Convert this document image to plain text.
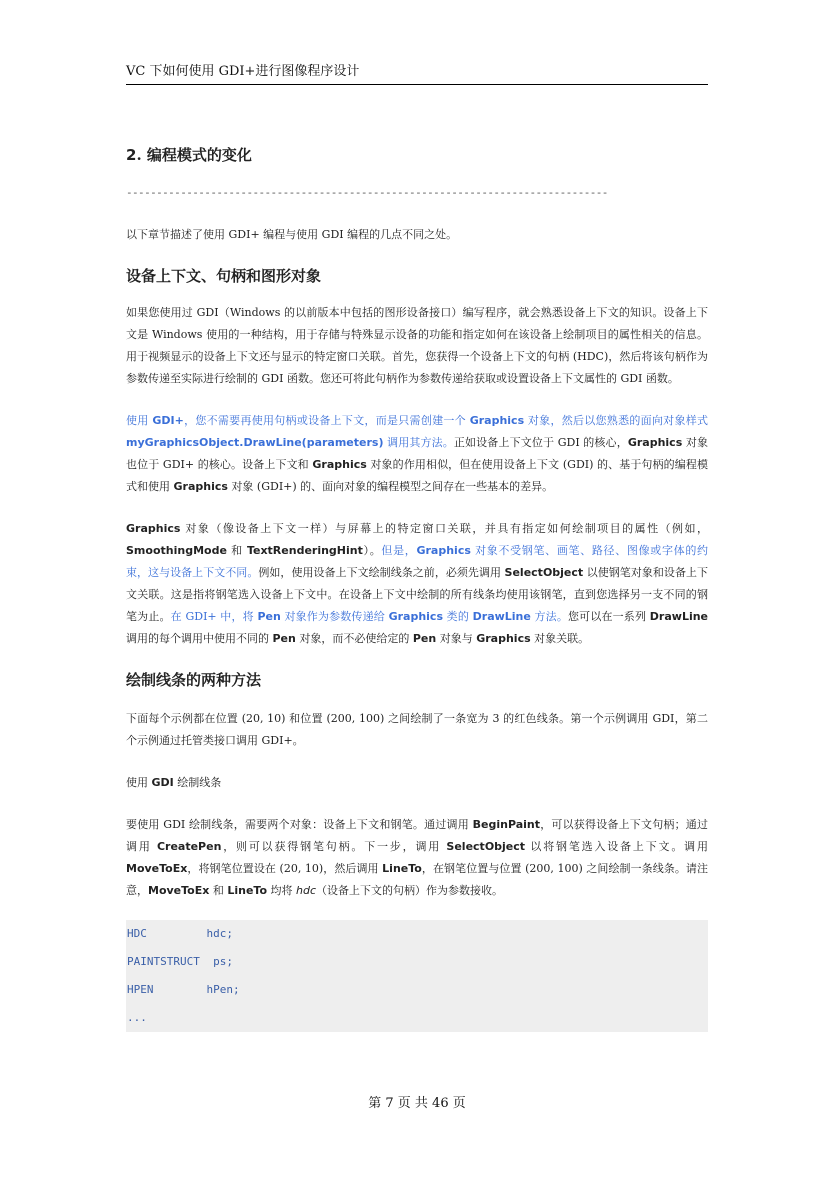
VC 下如何使用 GDI+进行图像程序设计
2. 编程模式的变化
--------------------------------------------------------------------------------

以下章节描述了使用 GDI+ 编程与使用 GDI 编程的几点不同之处。

设备上下文、句柄和图形对象

如果您使用过 GDI（Windows 的以前版本中包括的图形设备接口）编写程序，就会熟悉设备上下文的知识。设备上下文是 Windows 使用的一种结构，用于存储与特殊显示设备的功能和指定如何在该设备上绘制项目的属性相关的信息。用于视频显示的设备上下文还与显示的特定窗口关联。首先，您获得一个设备上下文的句柄 (HDC)，然后将该句柄作为参数传递至实际进行绘制的 GDI 函数。您还可将此句柄作为参数传递给获取或设置设备上下文属性的 GDI 函数。

使用 GDI+，您不需要再使用句柄或设备上下文，而是只需创建一个 Graphics 对象，然后以您熟悉的面向对象样式 myGraphicsObject.DrawLine(parameters) 调用其方法。正如设备上下文位于 GDI 的核心，Graphics 对象也位于 GDI+ 的核心。设备上下文和 Graphics 对象的作用相似，但在使用设备上下文 (GDI) 的、基于句柄的编程模式和使用 Graphics 对象 (GDI+) 的、面向对象的编程模型之间存在一些基本的差异。

Graphics 对象（像设备上下文一样）与屏幕上的特定窗口关联，并具有指定如何绘制项目的属性（例如，SmoothingMode 和 TextRenderingHint）。但是，Graphics 对象不受钢笔、画笔、路径、图像或字体的约束，这与设备上下文不同。例如，使用设备上下文绘制线条之前，必须先调用 SelectObject 以使钢笔对象和设备上下文关联。这是指将钢笔选入设备上下文中。在设备上下文中绘制的所有线条均使用该钢笔，直到您选择另一支不同的钢笔为止。在 GDI+ 中，将 Pen 对象作为参数传递给 Graphics 类的 DrawLine 方法。您可以在一系列 DrawLine 调用的每个调用中使用不同的 Pen 对象，而不必使给定的 Pen 对象与 Graphics 对象关联。

绘制线条的两种方法

下面每个示例都在位置 (20, 10) 和位置 (200, 100) 之间绘制了一条宽为 3 的红色线条。第一个示例调用 GDI，第二个示例通过托管类接口调用 GDI+。

使用 GDI 绘制线条

要使用 GDI 绘制线条，需要两个对象：设备上下文和钢笔。通过调用 BeginPaint，可以获得设备上下文句柄；通过调用 CreatePen，则可以获得钢笔句柄。下一步，调用 SelectObject 以将钢笔选入设备上下文。调用 MoveToEx，将钢笔位置设在 (20, 10)，然后调用 LineTo，在钢笔位置与位置 (200, 100) 之间绘制一条线条。请注意，MoveToEx 和 LineTo 均将 hdc（设备上下文的句柄）作为参数接收。

HDC         hdc;
PAINTSTRUCT  ps;
HPEN        hPen;
...
第 7 页 共 46 页
